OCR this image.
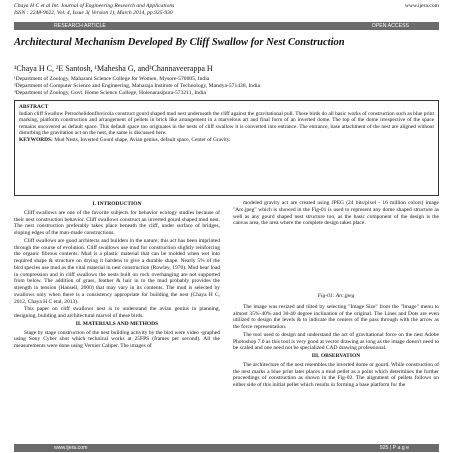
Chaya H C et al Int. Journal of Engineering Research and Applications
ISSN : 2248-9622, Vol. 4, Issue 3( Version 1), March 2014, pp.925-930
www.ijera.com
RESEARCH ARTICLE	OPEN ACCESS
Architectural Mechanism Developed By Cliff Swallow for Nest Construction
¹Chaya H C, ²E Santosh, ¹Mahesha G, and³Channaveerappa H
¹Department of Zoology, Maharani Science College for Women, Mysore-570005, India
²Department of Computer Science and Engineering, Maharaja Institute of Technology, Mandya-571438, India
³Department of Zoology, Govt. Home Science College, Holenarasipura-573211, India
ABSTRACT
Indian cliff Swallow Petrochelidonfluvicola construct gourd shaped mud nest underneath the cliff against the gravitational pull. These birds do all basic works of construction such as blue print marking, platform construction and arrangement of pellets in brick like arrangement in a marvelous art and final form of an inverted dome. The top of the dome irrespective of the space remains uncovered as default space. This default space too originates in the nests of cliff swallow it is converted into entrance. The entrance, base attachment of the nest are aligned without disturbing the gravitation act on the nest, the same is discussed here.
KEYWORDS: Mud Nests, Inverted Gourd shape, Avian genius, default space, Center of Gravity.
I. INTRODUCTION
Cliff swallows are one of the favorite subjects for behavior ecology studies because of their nest construction behavior. Cliff swallows construct an inverted gourd shaped mud nest. The nest construction preferably takes place beneath the cliff, under surface of bridges, sloping edges of the man-made constructions.
Cliff swallows are good architects and builders in the nature; this act has been imprinted through the course of evolution. Cliff swallows use mud for construction slightly reinforcing the organic fibrous contents. Mud is a plastic material that can be molded when wet into required shape & structure on drying it hardens to give a durable shape. Nearly 5% of the bird species use mud as the vital material in nest construction (Rowley, 1970). Mud bear load in compression and in cliff swallows the nests built on rock overhanging are not supported from below. The addition of grass, feather & hair in to the mud probably provides the strength in tension (Hansell, 2000) that may vary in its contents. The mud is selected by swallows only when there is a consistency appropriate for building the nest (Chaya H C, 2012, Chaya H C etal, 2013).
This paper on cliff swallows nest is to understand the avian genius in planning, designing, building and architectural marvel of these birds.
II. MATERIALS AND METHODS
Stage by stage construction of the nest building activity by the bird were video -graphed using Sony Cyber shot which technical works at 25FPS (frames per second). All the measurements were done using Vernier Caliper. The images of
modeled gravity act are created using JPEG (24 bits/pixel - 16 million colors) image "Arc.jpeg" which is showed in the Fig-01 is used to represent any dome shaped structure as well as any gourd shaped nest structure too, as the basic component of the design is the canvas area, the area where the complete design takes place.
Fig-01: Arc.jpeg
The image was resized and tilted by selecting "Image Size" from the "Image" menu to almost 35%-40% and 30-40 degree inclination of the original. The Lines and Dots are even utilized to design the levels & to indicate the centers of the pass through with the arrow as the force representation.
The tool used to design and understand the act of gravitational force on the nest Adobe Photoshop 7.0 as this tool is very good at vector drawing as long as the image doesn't need to be scaled and one need not be specialized CAD drawing professional.
III. OBSERVATION
The architecture of the nest resembles the inverted dome or gourd. While construction of the nest marks a blue print later places a mud pellet as a point which determines the further proceedings of construction as shown in the Fig-02. The alignment of pellets follows on either side of this initial pellet which results in forming a base platform for the
www.ijera.com	925 | P a g e
